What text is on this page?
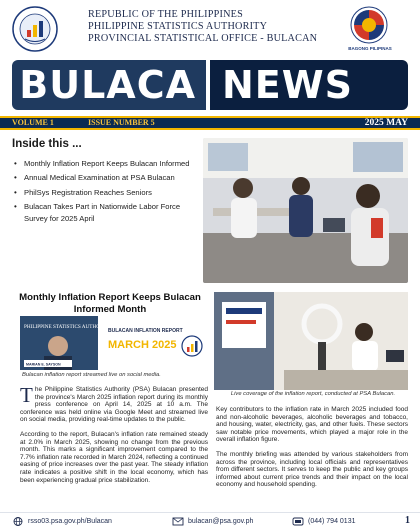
REPUBLIC OF THE PHILIPPINES
PHILIPPINE STATISTICS AUTHORITY
PROVINCIAL STATISTICAL OFFICE - BULACAN
BAGONG PILIPINAS
BULACA NEWS
VOLUME 1	ISSUE NUMBER 5	2025 MAY
Inside this ...
• Monthly Inflation Report Keeps Bulacan Informed
• Annual Medical Examination at PSA Bulacan
• PhilSys Registration Reaches Seniors
• Bulacan Takes Part in Nationwide Labor Force Survey for 2025 April
Monthly Inflation Report Keeps Bulacan Informed Month
PHILIPPINE STATISTICS AUTHORITY
MARIAN E. SAYSON
BULACAN INFLATION REPORT
MARCH 2025
Bulacan inflation report streamed live on social media.
Live coverage of the inflation report, conducted at PSA Bulacan.

The Philippine Statistics Authority (PSA) Bulacan presented the province's March 2025 inflation report during its monthly press conference on April 14, 2025 at 10 a.m. The conference was held online via Google Meet and streamed live on social media, providing real-time updates to the public.

According to the report, Bulacan's inflation rate remained steady at 2.0% in March 2025, showing no change from the previous month. This marks a significant improvement compared to the 7.7% inflation rate recorded in March 2024, reflecting a continued easing of price increases over the past year. The steady inflation rate indicates a positive shift in the local economy, which has been experiencing gradual price stabilization.

Key contributors to the inflation rate in March 2025 included food and non-alcoholic beverages, alcoholic beverages and tobacco, and housing, water, electricity, gas, and other fuels. These sectors saw notable price movements, which played a major role in the overall inflation figure.

The monthly briefing was attended by various stakeholders from across the province, including local officials and representatives from different sectors. It serves to keep the public and key groups informed about current price trends and their impact on the local economy and household spending.

rsso03.psa.gov.ph/Bulacan	bulacan@psa.gov.ph	(044) 794 0131	1
